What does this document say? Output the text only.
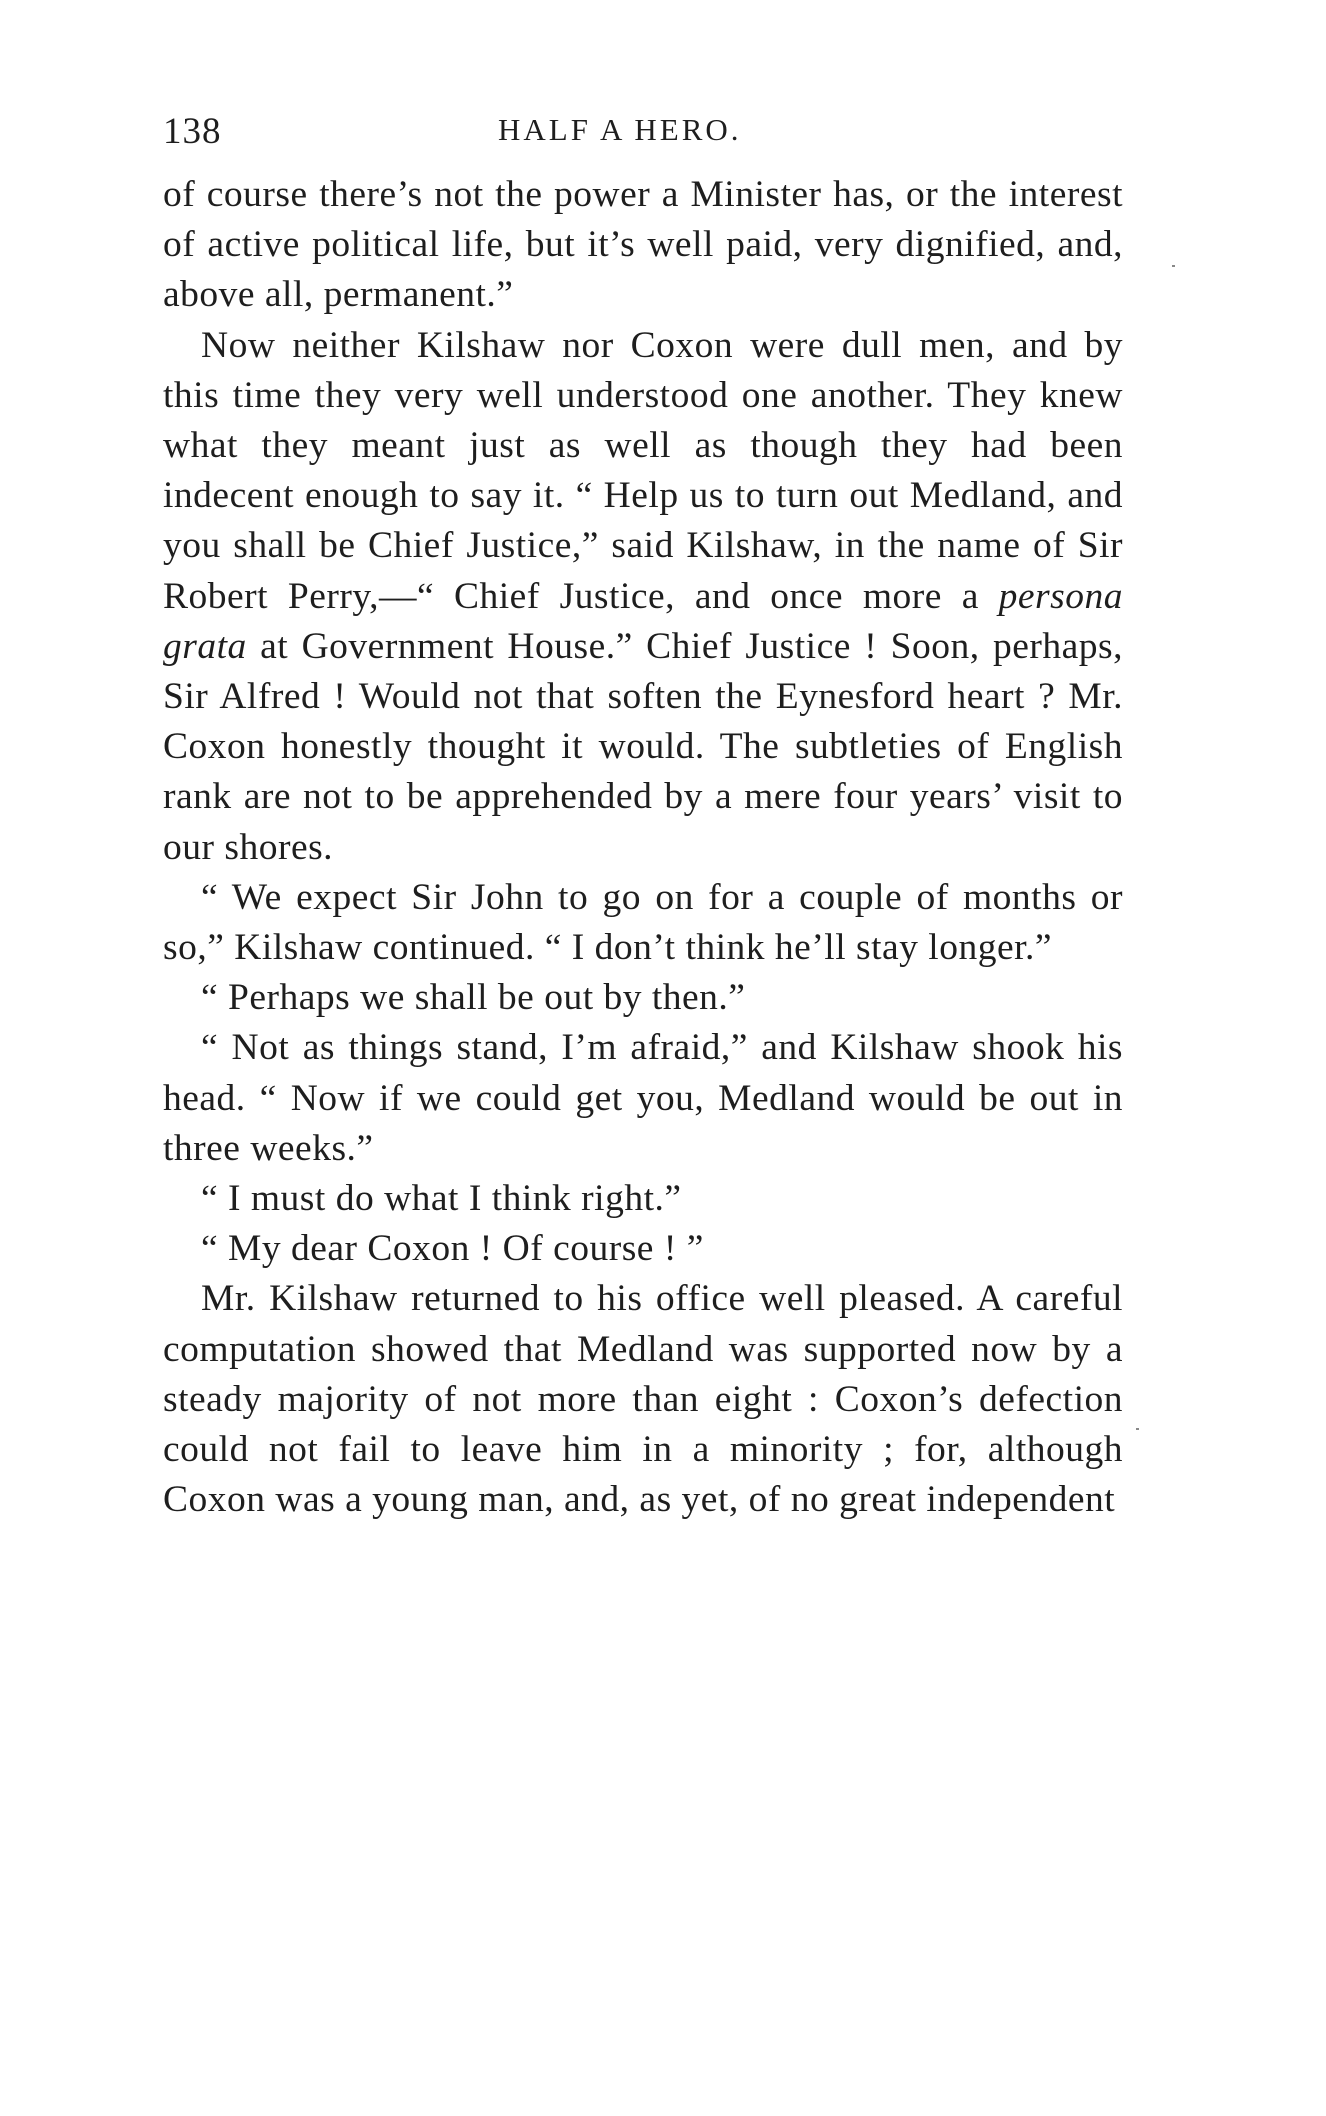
138	HALF A HERO.

of course there’s not the power a Minister has, or the interest of active political life, but it’s well paid, very dignified, and, above all, permanent.”

Now neither Kilshaw nor Coxon were dull men, and by this time they very well understood one another. They knew what they meant just as well as though they had been indecent enough to say it. “ Help us to turn out Medland, and you shall be Chief Justice,” said Kilshaw, in the name of Sir Robert Perry,—“ Chief Justice, and once more a persona grata at Government House.” Chief Justice ! Soon, perhaps, Sir Alfred ! Would not that soften the Eynesford heart ? Mr. Coxon honestly thought it would. The subtleties of English rank are not to be apprehended by a mere four years’ visit to our shores.

“ We expect Sir John to go on for a couple of months or so,” Kilshaw continued. “ I don’t think he’ll stay longer.”

“ Perhaps we shall be out by then.”

“ Not as things stand, I’m afraid,” and Kilshaw shook his head. “ Now if we could get you, Medland would be out in three weeks.”

“ I must do what I think right.”

“ My dear Coxon ! Of course ! ”

Mr. Kilshaw returned to his office well pleased. A careful computation showed that Medland was supported now by a steady majority of not more than eight : Coxon’s defection could not fail to leave him in a minority ; for, although Coxon was a young man, and, as yet, of no great independent
